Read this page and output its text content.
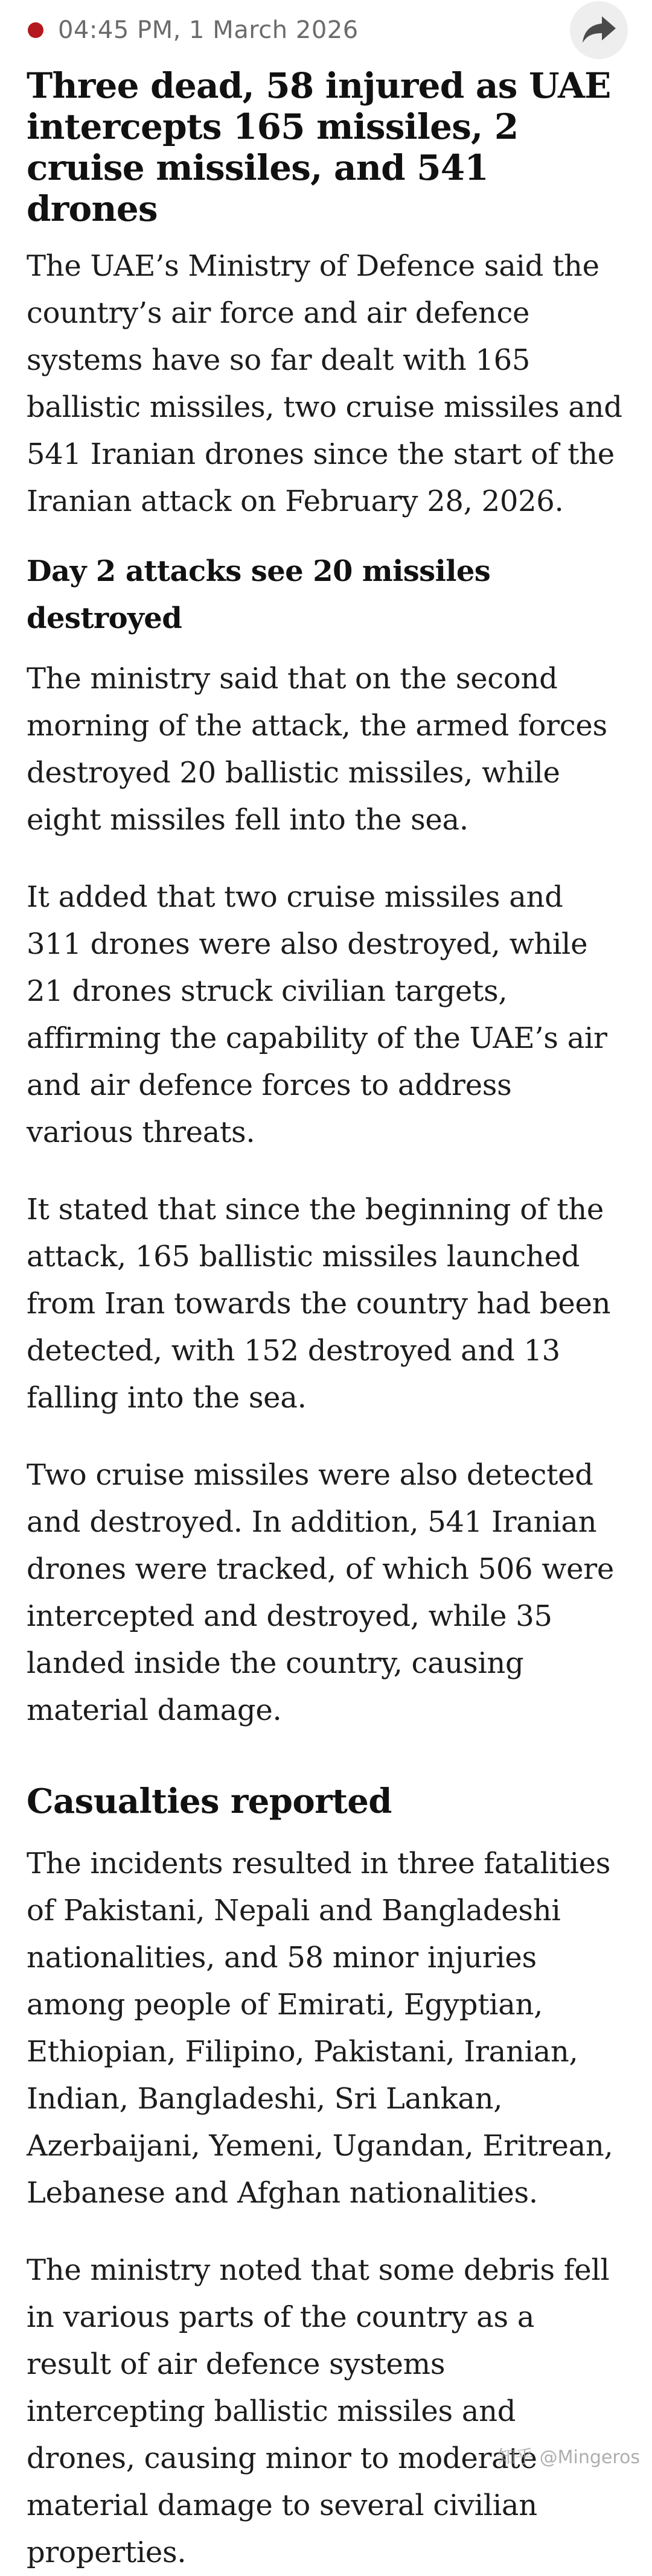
04:45 PM, 1 March 2026
Three dead, 58 injured as UAE intercepts 165 missiles, 2 cruise missiles, and 541 drones

The UAE’s Ministry of Defence said the country’s air force and air defence systems have so far dealt with 165 ballistic missiles, two cruise missiles and 541 Iranian drones since the start of the Iranian attack on February 28, 2026.

Day 2 attacks see 20 missiles destroyed

The ministry said that on the second morning of the attack, the armed forces destroyed 20 ballistic missiles, while eight missiles fell into the sea.

It added that two cruise missiles and 311 drones were also destroyed, while 21 drones struck civilian targets, affirming the capability of the UAE’s air and air defence forces to address various threats.

It stated that since the beginning of the attack, 165 ballistic missiles launched from Iran towards the country had been detected, with 152 destroyed and 13 falling into the sea.

Two cruise missiles were also detected and destroyed. In addition, 541 Iranian drones were tracked, of which 506 were intercepted and destroyed, while 35 landed inside the country, causing material damage.

Casualties reported

The incidents resulted in three fatalities of Pakistani, Nepali and Bangladeshi nationalities, and 58 minor injuries among people of Emirati, Egyptian, Ethiopian, Filipino, Pakistani, Iranian, Indian, Bangladeshi, Sri Lankan, Azerbaijani, Yemeni, Ugandan, Eritrean, Lebanese and Afghan nationalities.

The ministry noted that some debris fell in various parts of the country as a result of air defence systems intercepting ballistic missiles and drones, causing minor to moderate material damage to several civilian properties.

知乎 @Mingeros
